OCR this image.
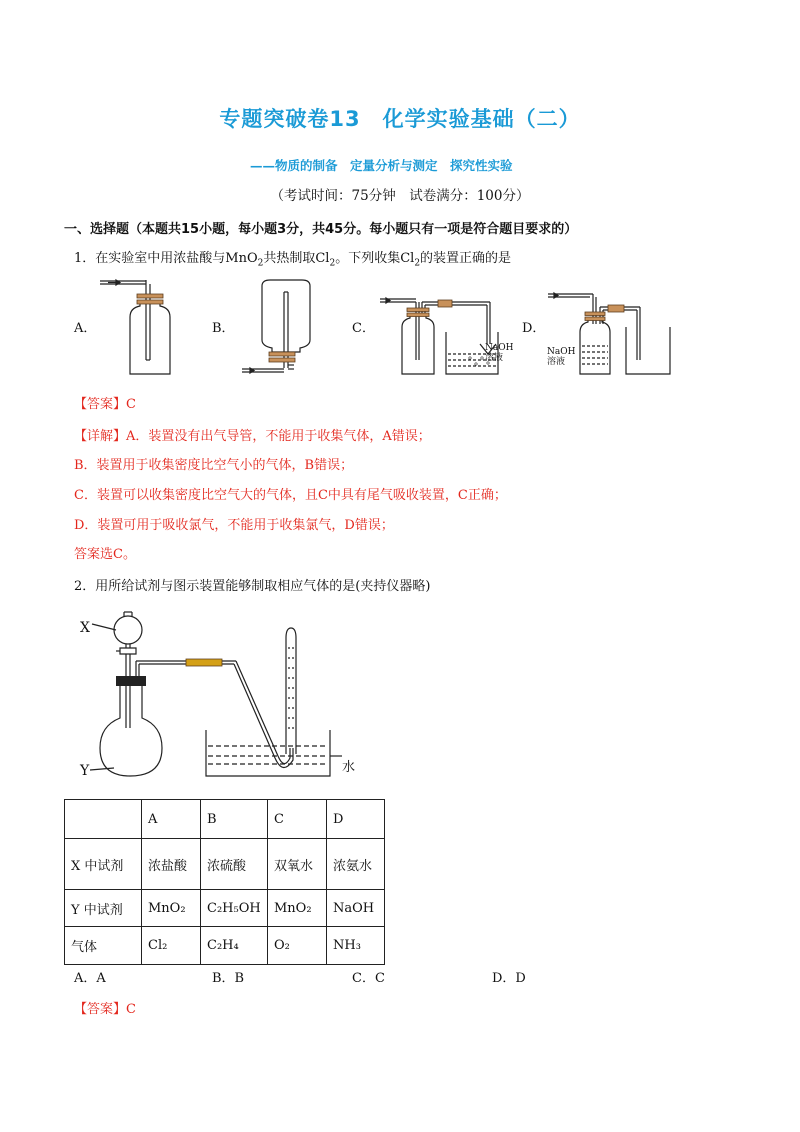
专题突破卷13　化学实验基础（二）
——物质的制备　定量分析与测定　探究性实验
（考试时间：75分钟　试卷满分：100分）
一、选择题（本题共15小题，每小题3分，共45分。每小题只有一项是符合题目要求的）
1．在实验室中用浓盐酸与MnO$_2$共热制取$Cl_2$。下列收集$Cl_2$的装置正确的是
A．	B．	C．	D．
NaOH
溶液
NaOH
溶液
【答案】C
【详解】A．装置没有出气导管，不能用于收集气体，A错误；
B．装置用于收集密度比空气小的气体，B错误；
C．装置可以收集密度比空气大的气体，且C中具有尾气吸收装置，C正确；
D．装置可用于吸收氯气，不能用于收集氯气，D错误；
答案选C。
2．用所给试剂与图示装置能够制取相应气体的是(夹持仪器略)
X
Y	水
	A	B	C	D
X 中试剂	浓盐酸	浓硫酸	双氧水	浓氨水
Y 中试剂	MnO₂	C₂H₅OH	MnO₂	NaOH
气体	Cl₂	C₂H₄	O₂	NH₃
A．A	B．B	C．C	D．D
【答案】C
